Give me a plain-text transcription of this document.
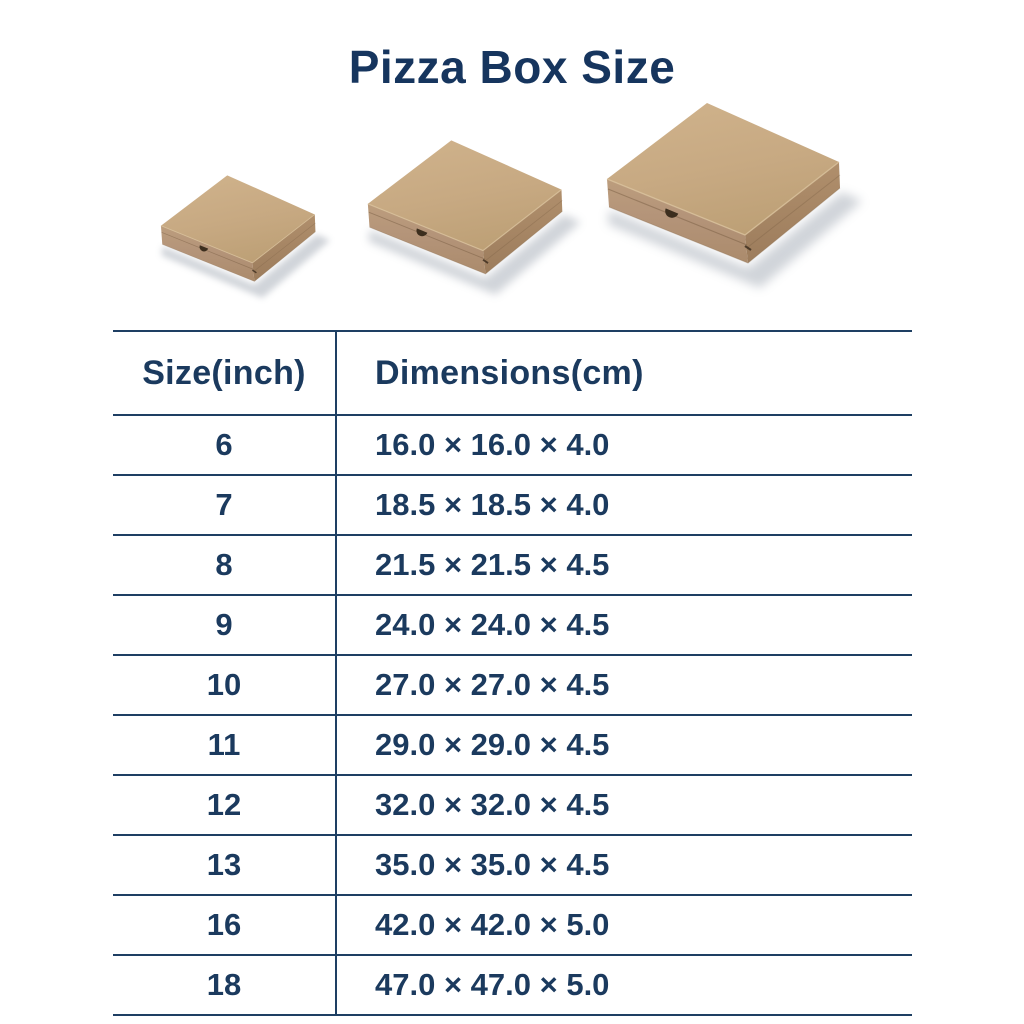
Pizza Box Size
Size(inch)	Dimensions(cm)
6	16.0 × 16.0 × 4.0
7	18.5 × 18.5 × 4.0
8	21.5 × 21.5 × 4.5
9	24.0 × 24.0 × 4.5
10	27.0 × 27.0 × 4.5
11	29.0 × 29.0 × 4.5
12	32.0 × 32.0 × 4.5
13	35.0 × 35.0 × 4.5
16	42.0 × 42.0 × 5.0
18	47.0 × 47.0 × 5.0
